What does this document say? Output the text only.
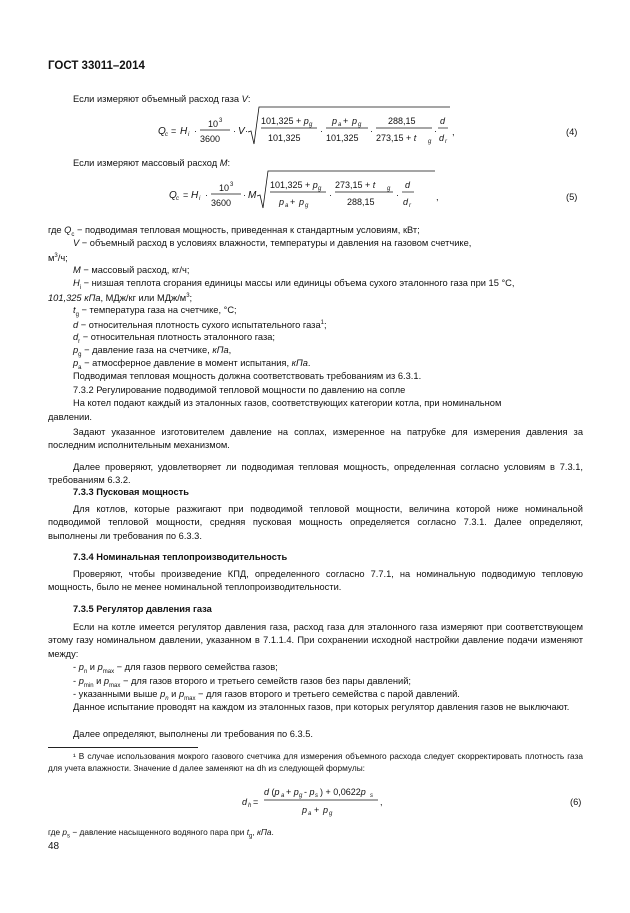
ГОСТ 33011–2014
Если измеряют объемный расход газа V:
Q c = H i ·
10 3
3600
· V ·
101,325 + p g
101,325
·
p a + p g
101,325
·
288,15
273,15 + t g
·
d
d r
,	(4)
Если измеряют массовый расход M:
Q c = H i ·
10 3
3600
· M
101,325 + p g
p a + p g
·
273,15 + t g
288,15
·
d
d r
,	(5)
где $Q_c$ − подводимая тепловая мощность, приведенная к стандартным условиям, кВт;
V − объемный расход в условиях влажности, температуры и давления на газовом счетчике,
$м^3/ч$;
M − массовый расход, кг/ч;
$H_i$ − низшая теплота сгорания единицы массы или единицы объема сухого эталонного газа при 15 °С,
101,325 кПа, МДж/кг или МДж/$м^3$;
$t_g$ − температура газа на счетчике, °С;
d − относительная плотность сухого испытательного газа$^1$;
$d_r$ − относительная плотность эталонного газа;
$p_g$ − давление газа на счетчике, кПа,
$p_a$ − атмосферное давление в момент испытания, кПа.
Подводимая тепловая мощность должна соответствовать требованиям из 6.3.1.
7.3.2 Регулирование подводимой тепловой мощности по давлению на сопле
На котел подают каждый из эталонных газов, соответствующих категории котла, при номинальном
давлении.
Задают указанное изготовителем давление на соплах, измеренное на патрубке для измерения давления за последним исполнительным механизмом.
Далее проверяют, удовлетворяет ли подводимая тепловая мощность, определенная согласно условиям в 7.3.1, требованиям 6.3.2.
7.3.3 Пусковая мощность
Для котлов, которые разжигают при подводимой тепловой мощности, величина которой ниже номинальной подводимой тепловой мощности, средняя пусковая мощность определяется согласно 7.3.1. Далее определяют, выполнены ли требования по 6.3.3.
7.3.4 Номинальная теплопроизводительность
Проверяют, чтобы произведение КПД, определенного согласно 7.7.1, на номинальную подводимую тепловую мощность, было не менее номинальной теплопроизводительности.
7.3.5 Регулятор давления газа
Если на котле имеется регулятор давления газа, расход газа для эталонного газа измеряют при соответствующем этому газу номинальном давлении, указанном в 7.1.1.4. При сохранении исходной настройки давление подачи изменяют между:
- $p_n$ и $p_{max}$ − для газов первого семейства газов;
- $p_{min}$ и $p_{max}$ − для газов второго и третьего семейств газов без пары давлений;
- указанными выше $p_n$ и $p_{max}$ − для газов второго и третьего семейства с парой давлений.
Данное испытание проводят на каждом из эталонных газов, при которых регулятор давления газов не выключают.
Далее определяют, выполнены ли требования по 6.3.5.
¹ В случае использования мокрого газового счетчика для измерения объемного расхода следует скорректировать плотность газа для учета влажности. Значение d далее заменяют на dh из следующей формулы:
d h =
d (p a + p g - p s ) + 0,0622p s
p a + p g
,	(6)
где $p_s$ − давление насыщенного водяного пара при $t_g$, кПа.
48
